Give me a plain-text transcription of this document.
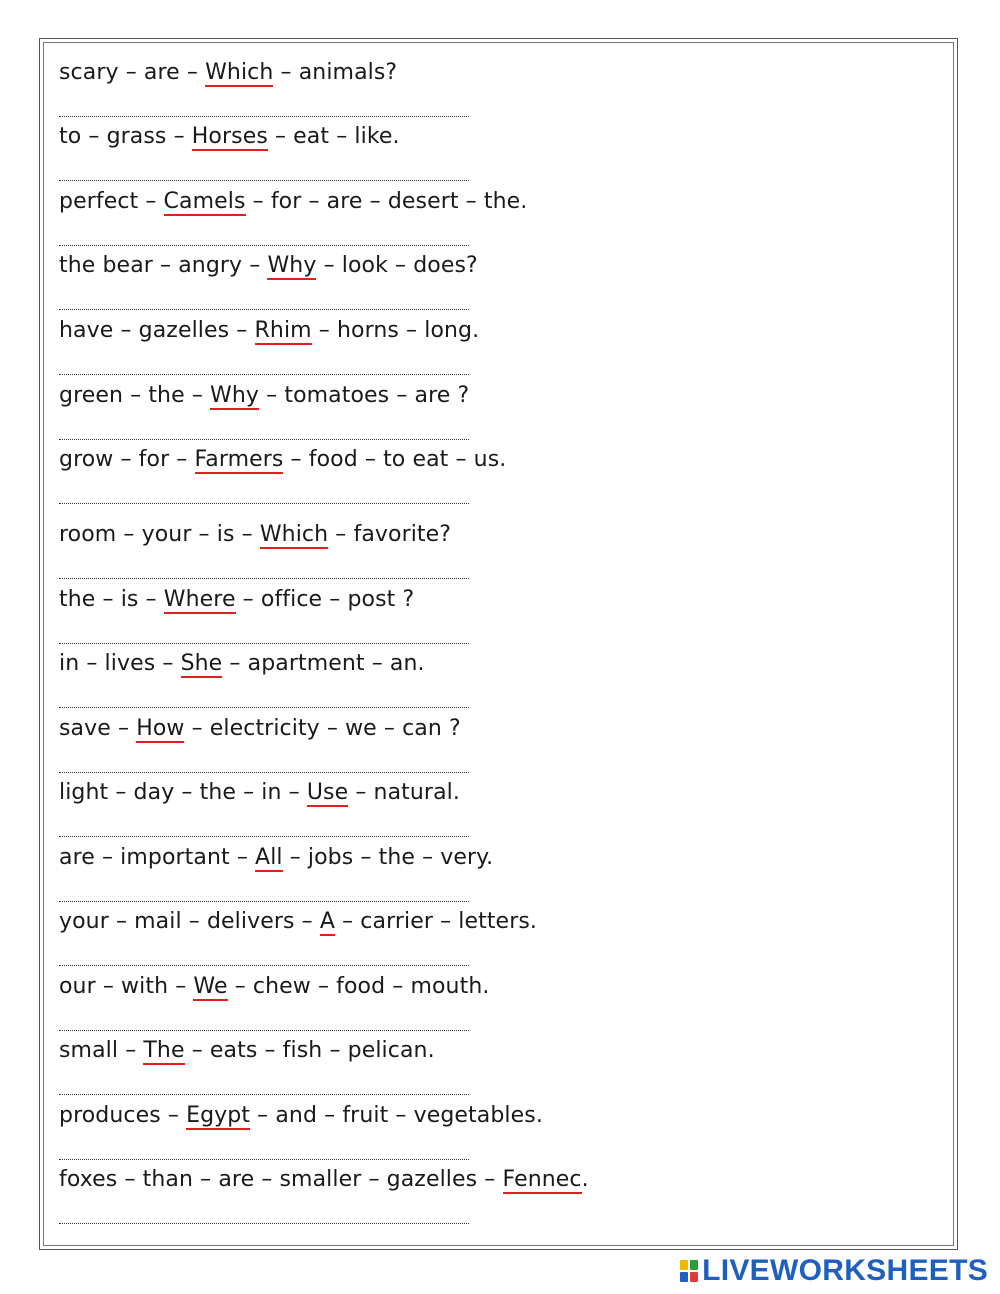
scary – are – Which – animals?
to – grass – Horses – eat – like.
perfect – Camels – for – are – desert – the.
the bear – angry – Why – look – does?
have – gazelles – Rhim – horns – long.
green – the – Why – tomatoes – are ?
grow – for – Farmers – food – to eat – us.
room – your – is – Which – favorite?
the – is – Where – office – post ?
in – lives – She – apartment – an.
save – How – electricity – we – can ?
light – day – the – in – Use – natural.
are – important – All – jobs – the – very.
your – mail – delivers – A – carrier – letters.
our – with – We – chew – food – mouth.
small – The – eats – fish – pelican.
produces – Egypt – and – fruit – vegetables.
foxes – than – are – smaller – gazelles – Fennec.
LIVEWORKSHEETS
